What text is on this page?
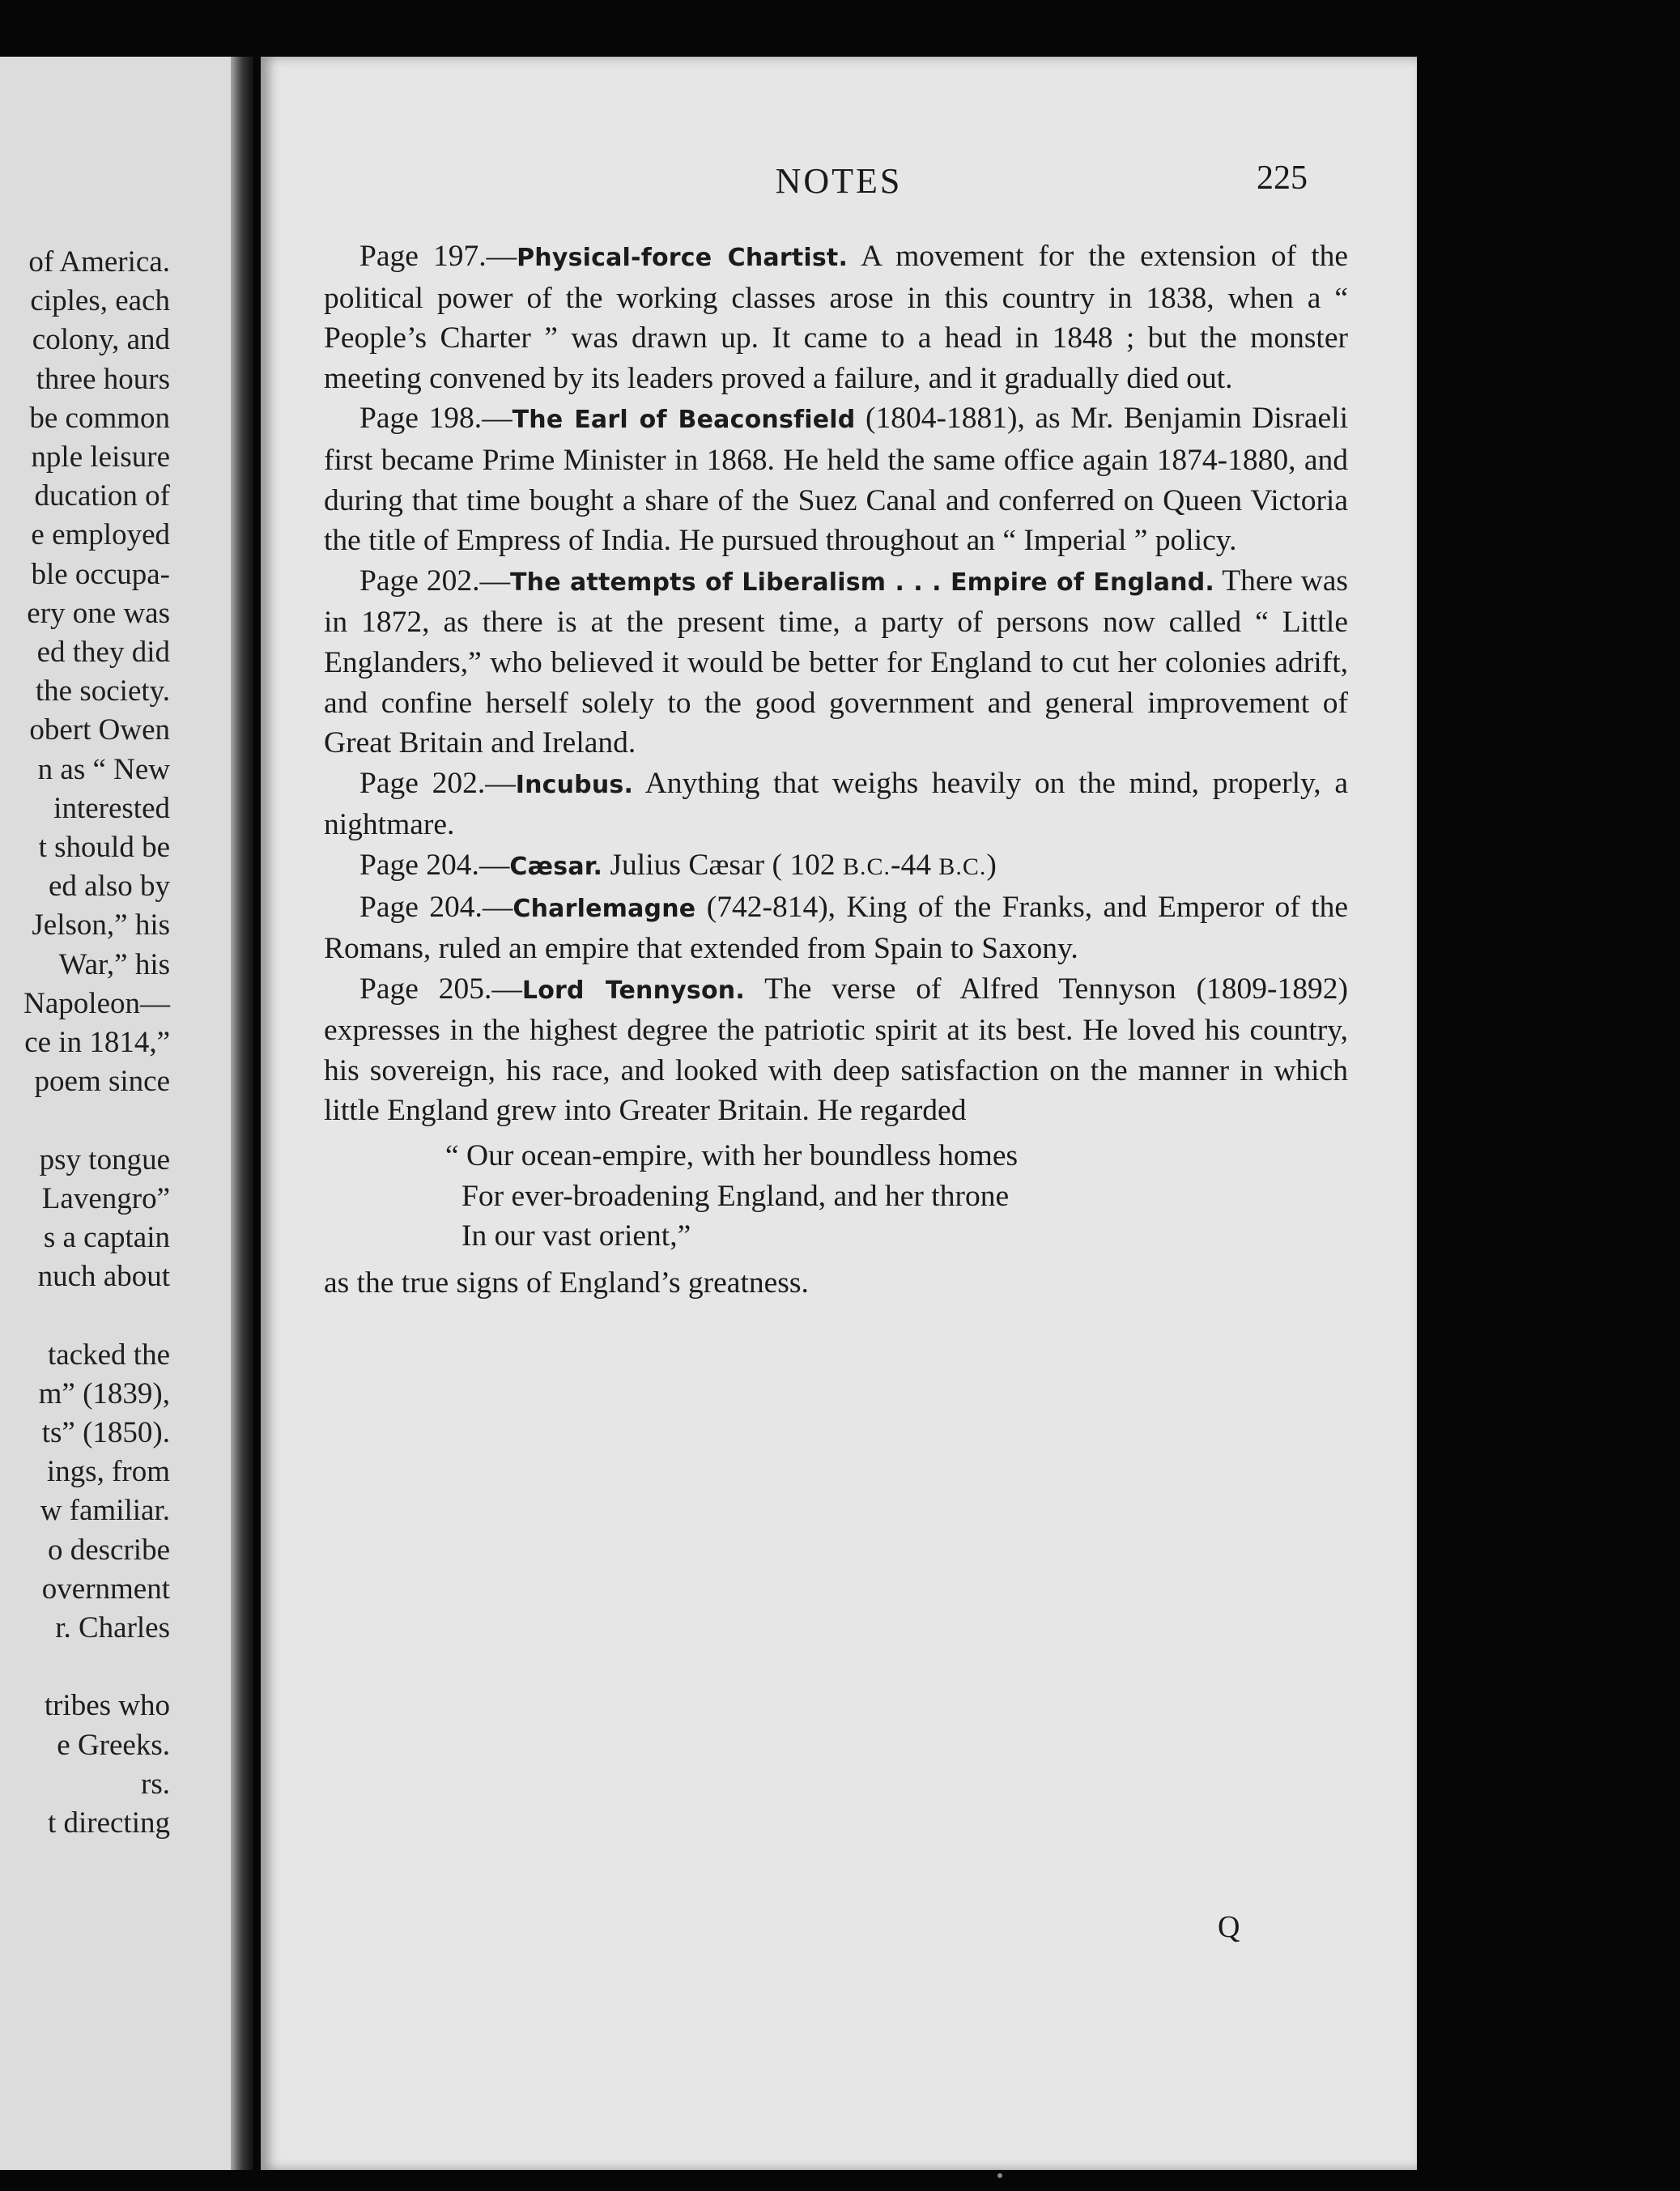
of America.
ciples, each
colony, and
three hours
be common
nple leisure
ducation of
e employed
ble occupa-
ery one was
ed they did
the society.
obert Owen
n as “ New
interested
t should be
ed also by
Jelson,” his
War,” his
Napoleon—
ce in 1814,”
poem since
psy tongue
Lavengro”
s a captain
nuch about
tacked the
m” (1839),
ts” (1850).
ings, from
w familiar.
o describe
overnment
r. Charles
tribes who
e Greeks.
rs.
t directing
NOTES	225

Page 197.—Physical-force Chartist. A movement for the extension of the political power of the working classes arose in this country in 1838, when a “ People’s Charter ” was drawn up. It came to a head in 1848 ; but the monster meeting convened by its leaders proved a failure, and it gradually died out.

Page 198.—The Earl of Beaconsfield (1804-1881), as Mr. Benjamin Disraeli first became Prime Minister in 1868. He held the same office again 1874-1880, and during that time bought a share of the Suez Canal and conferred on Queen Victoria the title of Empress of India. He pursued throughout an “ Imperial ” policy.

Page 202.—The attempts of Liberalism . . . Empire of England. There was in 1872, as there is at the present time, a party of persons now called “ Little Englanders,” who believed it would be better for England to cut her colonies adrift, and confine herself solely to the good government and general improvement of Great Britain and Ireland.

Page 202.—Incubus. Anything that weighs heavily on the mind, properly, a nightmare.

Page 204.—Cæsar. Julius Cæsar ( 102 B.C.-44 B.C.)

Page 204.—Charlemagne (742-814), King of the Franks, and Emperor of the Romans, ruled an empire that extended from Spain to Saxony.

Page 205.—Lord Tennyson. The verse of Alfred Tennyson (1809-1892) expresses in the highest degree the patriotic spirit at its best. He loved his country, his sovereign, his race, and looked with deep satisfaction on the manner in which little England grew into Greater Britain. He regarded

“ Our ocean-empire, with her boundless homes
For ever-broadening England, and her throne
In our vast orient,”

as the true signs of England’s greatness.

Q
